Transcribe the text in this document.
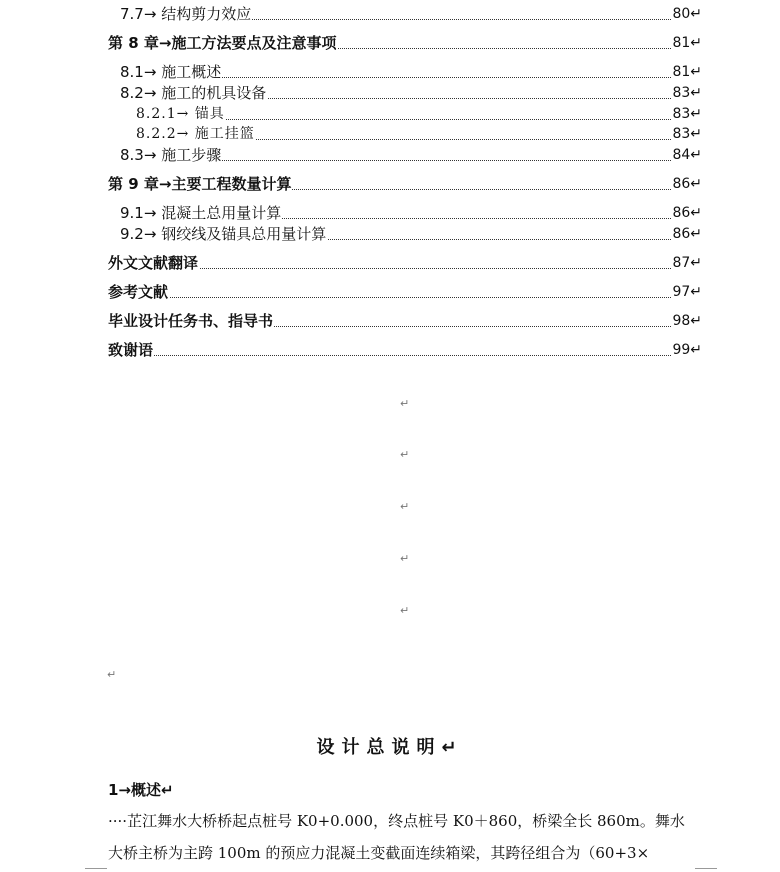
7.7→ 结构剪力效应	80↵
第 8 章→施工方法要点及注意事项	81↵
8.1→ 施工概述	81↵
8.2→ 施工的机具设备	83↵
8.2.1→ 锚具	83↵
8.2.2→ 施工挂篮	83↵
8.3→ 施工步骤	84↵
第 9 章→主要工程数量计算	86↵
9.1→ 混凝土总用量计算	86↵
9.2→ 钢绞线及锚具总用量计算	86↵
外文文献翻译	87↵
参考文献	97↵
毕业设计任务书、指导书	98↵
致谢语	99↵
↵
↵
↵
↵
↵
↵
设计总说明↵
1→概述↵
····芷江舞水大桥桥起点桩号 K0+0.000，终点桩号 K0＋860，桥梁全长 860m。舞水
大桥主桥为主跨 100m 的预应力混凝土变截面连续箱梁，其跨径组合为（60+3×
